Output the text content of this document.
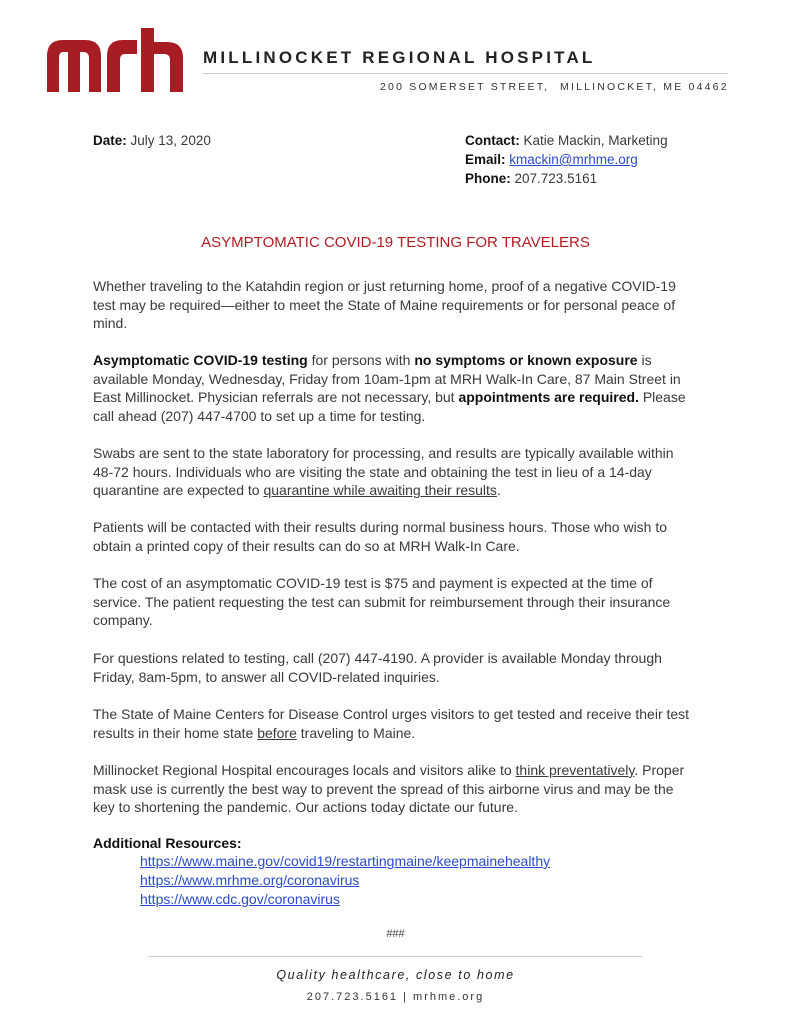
MILLINOCKET REGIONAL HOSPITAL
200 SOMERSET STREET, MILLINOCKET, ME 04462
Date: July 13, 2020	Contact: Katie Mackin, Marketing
Email: kmackin@mrhme.org
Phone: 207.723.5161
ASYMPTOMATIC COVID-19 TESTING FOR TRAVELERS

Whether traveling to the Katahdin region or just returning home, proof of a negative COVID-19 test may be required—either to meet the State of Maine requirements or for personal peace of mind.

Asymptomatic COVID-19 testing for persons with no symptoms or known exposure is available Monday, Wednesday, Friday from 10am-1pm at MRH Walk-In Care, 87 Main Street in East Millinocket. Physician referrals are not necessary, but appointments are required. Please call ahead (207) 447-4700 to set up a time for testing.

Swabs are sent to the state laboratory for processing, and results are typically available within 48-72 hours. Individuals who are visiting the state and obtaining the test in lieu of a 14-day quarantine are expected to quarantine while awaiting their results.

Patients will be contacted with their results during normal business hours. Those who wish to obtain a printed copy of their results can do so at MRH Walk-In Care.

The cost of an asymptomatic COVID-19 test is $75 and payment is expected at the time of service. The patient requesting the test can submit for reimbursement through their insurance company.

For questions related to testing, call (207) 447-4190. A provider is available Monday through Friday, 8am-5pm, to answer all COVID-related inquiries.

The State of Maine Centers for Disease Control urges visitors to get tested and receive their test results in their home state before traveling to Maine.

Millinocket Regional Hospital encourages locals and visitors alike to think preventatively. Proper mask use is currently the best way to prevent the spread of this airborne virus and may be the key to shortening the pandemic. Our actions today dictate our future.

Additional Resources:
https://www.maine.gov/covid19/restartingmaine/keepmainehealthy
https://www.mrhme.org/coronavirus
https://www.cdc.gov/coronavirus
###
Quality healthcare, close to home
207.723.5161 | mrhme.org
